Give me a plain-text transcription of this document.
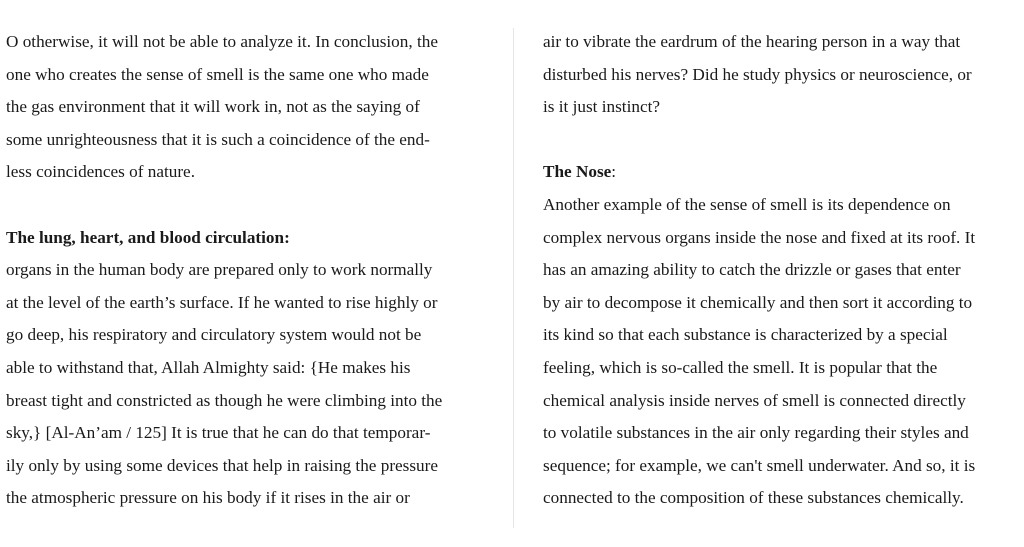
O otherwise, it will not be able to analyze it. In conclusion, the
one who creates the sense of smell is the same one who made
the gas environment that it will work in, not as the saying of
some unrighteousness that it is such a coincidence of the end-
less coincidences of nature.
The lung, heart, and blood circulation:
organs in the human body are prepared only to work normally
at the level of the earth’s surface. If he wanted to rise highly or
go deep, his respiratory and circulatory system would not be
able to withstand that, Allah Almighty said: {He makes his
breast tight and constricted as though he were climbing into the
sky,} [Al-An’am / 125] It is true that he can do that temporar-
ily only by using some devices that help in raising the pressure
the atmospheric pressure on his body if it rises in the air or
air to vibrate the eardrum of the hearing person in a way that
disturbed his nerves? Did he study physics or neuroscience, or
is it just instinct?
The Nose:
Another example of the sense of smell is its dependence on
complex nervous organs inside the nose and fixed at its roof. It
has an amazing ability to catch the drizzle or gases that enter
by air to decompose it chemically and then sort it according to
its kind so that each substance is characterized by a special
feeling, which is so-called the smell. It is popular that the
chemical analysis inside nerves of smell is connected directly
to volatile substances in the air only regarding their styles and
sequence; for example, we can't smell underwater. And so, it is
connected to the composition of these substances chemically.
